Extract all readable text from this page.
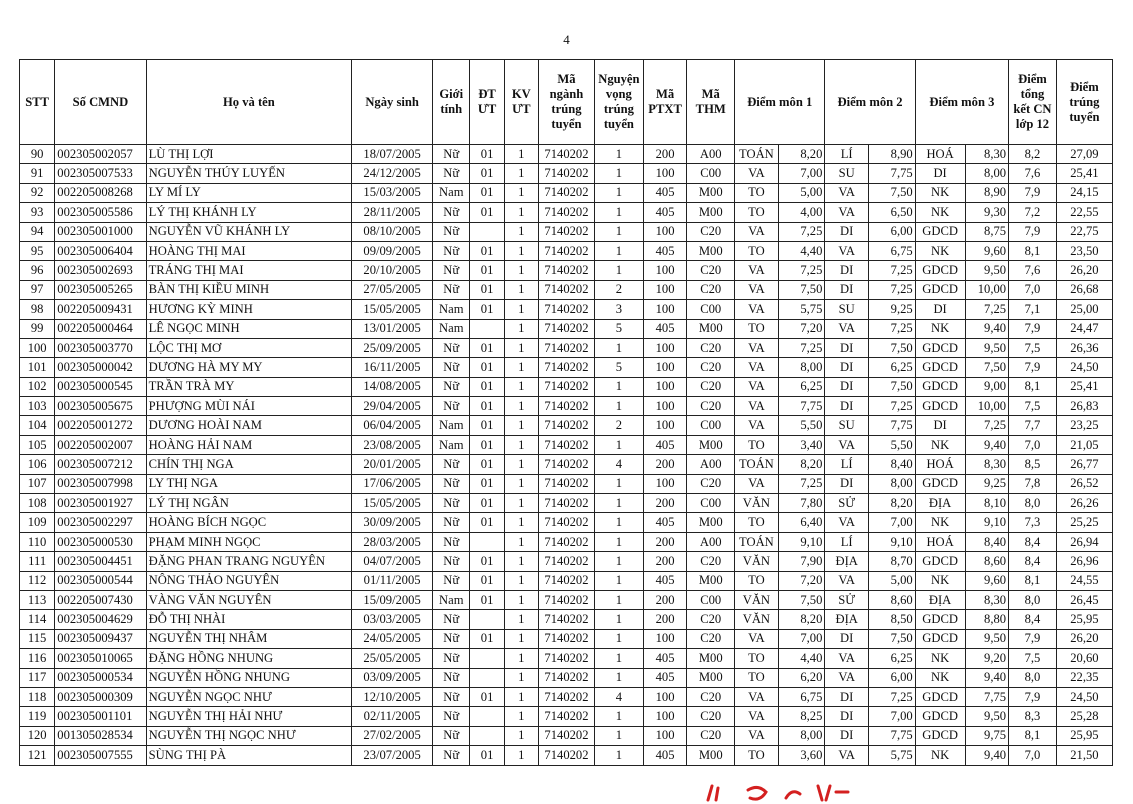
4
STT	Số CMND	Họ và tên	Ngày sinh	Giới tính	ĐT ƯT	KV ƯT	Mã ngành trúng tuyển	Nguyện vọng trúng tuyển	Mã PTXT	Mã THM	Điểm môn 1		Điểm môn 2		Điểm môn 3		Điểm tổng kết CN lớp 12	Điểm trúng tuyển
90	002305002057	LÙ THỊ LỢI	18/07/2005	Nữ	01	1	7140202	1	200	A00	TOÁN	8,20	LÍ	8,90	HOÁ	8,30	8,2	27,09
91	002305007533	NGUYỄN THÚY LUYẾN	24/12/2005	Nữ	01	1	7140202	1	100	C00	VA	7,00	SU	7,75	DI	8,00	7,6	25,41
92	002205008268	LY MÍ LY	15/03/2005	Nam	01	1	7140202	1	405	M00	TO	5,00	VA	7,50	NK	8,90	7,9	24,15
93	002305005586	LÝ THỊ KHÁNH LY	28/11/2005	Nữ	01	1	7140202	1	405	M00	TO	4,00	VA	6,50	NK	9,30	7,2	22,55
94	002305001000	NGUYỄN VŨ KHÁNH LY	08/10/2005	Nữ		1	7140202	1	100	C20	VA	7,25	DI	6,00	GDCD	8,75	7,9	22,75
95	002305006404	HOÀNG THỊ MAI	09/09/2005	Nữ	01	1	7140202	1	405	M00	TO	4,40	VA	6,75	NK	9,60	8,1	23,50
96	002305002693	TRÁNG THỊ MAI	20/10/2005	Nữ	01	1	7140202	1	100	C20	VA	7,25	DI	7,25	GDCD	9,50	7,6	26,20
97	002305005265	BÀN THỊ KIỀU MINH	27/05/2005	Nữ	01	1	7140202	2	100	C20	VA	7,50	DI	7,25	GDCD	10,00	7,0	26,68
98	002205009431	HƯƠNG KỲ MINH	15/05/2005	Nam	01	1	7140202	3	100	C00	VA	5,75	SU	9,25	DI	7,25	7,1	25,00
99	002205000464	LÊ NGỌC MINH	13/01/2005	Nam		1	7140202	5	405	M00	TO	7,20	VA	7,25	NK	9,40	7,9	24,47
100	002305003770	LỘC THỊ MƠ	25/09/2005	Nữ	01	1	7140202	1	100	C20	VA	7,25	DI	7,50	GDCD	9,50	7,5	26,36
101	002305000042	DƯƠNG HÀ MY MY	16/11/2005	Nữ	01	1	7140202	5	100	C20	VA	8,00	DI	6,25	GDCD	7,50	7,9	24,50
102	002305000545	TRẦN TRÀ MY	14/08/2005	Nữ	01	1	7140202	1	100	C20	VA	6,25	DI	7,50	GDCD	9,00	8,1	25,41
103	002305005675	PHƯỢNG MÙI NÁI	29/04/2005	Nữ	01	1	7140202	1	100	C20	VA	7,75	DI	7,25	GDCD	10,00	7,5	26,83
104	002205001272	DƯƠNG HOÀI NAM	06/04/2005	Nam	01	1	7140202	2	100	C00	VA	5,50	SU	7,75	DI	7,25	7,7	23,25
105	002205002007	HOÀNG HẢI NAM	23/08/2005	Nam	01	1	7140202	1	405	M00	TO	3,40	VA	5,50	NK	9,40	7,0	21,05
106	002305007212	CHÍN THỊ NGA	20/01/2005	Nữ	01	1	7140202	4	200	A00	TOÁN	8,20	LÍ	8,40	HOÁ	8,30	8,5	26,77
107	002305007998	LY THỊ NGA	17/06/2005	Nữ	01	1	7140202	1	100	C20	VA	7,25	DI	8,00	GDCD	9,25	7,8	26,52
108	002305001927	LÝ THỊ NGÂN	15/05/2005	Nữ	01	1	7140202	1	200	C00	VĂN	7,80	SỬ	8,20	ĐỊA	8,10	8,0	26,26
109	002305002297	HOÀNG BÍCH NGỌC	30/09/2005	Nữ	01	1	7140202	1	405	M00	TO	6,40	VA	7,00	NK	9,10	7,3	25,25
110	002305000530	PHẠM MINH NGỌC	28/03/2005	Nữ		1	7140202	1	200	A00	TOÁN	9,10	LÍ	9,10	HOÁ	8,40	8,4	26,94
111	002305004451	ĐẶNG PHAN TRANG NGUYÊN	04/07/2005	Nữ	01	1	7140202	1	200	C20	VĂN	7,90	ĐỊA	8,70	GDCD	8,60	8,4	26,96
112	002305000544	NÔNG THẢO NGUYÊN	01/11/2005	Nữ	01	1	7140202	1	405	M00	TO	7,20	VA	5,00	NK	9,60	8,1	24,55
113	002205007430	VÀNG VĂN NGUYÊN	15/09/2005	Nam	01	1	7140202	1	200	C00	VĂN	7,50	SỬ	8,60	ĐỊA	8,30	8,0	26,45
114	002305004629	ĐỖ THỊ NHÀI	03/03/2005	Nữ		1	7140202	1	200	C20	VĂN	8,20	ĐỊA	8,50	GDCD	8,80	8,4	25,95
115	002305009437	NGUYỄN THỊ NHÂM	24/05/2005	Nữ	01	1	7140202	1	100	C20	VA	7,00	DI	7,50	GDCD	9,50	7,9	26,20
116	002305010065	ĐẶNG HỒNG NHUNG	25/05/2005	Nữ		1	7140202	1	405	M00	TO	4,40	VA	6,25	NK	9,20	7,5	20,60
117	002305000534	NGUYỄN HỒNG NHUNG	03/09/2005	Nữ		1	7140202	1	405	M00	TO	6,20	VA	6,00	NK	9,40	8,0	22,35
118	002305000309	NGUYỄN NGỌC NHƯ	12/10/2005	Nữ	01	1	7140202	4	100	C20	VA	6,75	DI	7,25	GDCD	7,75	7,9	24,50
119	002305001101	NGUYỄN THỊ HẢI NHƯ	02/11/2005	Nữ		1	7140202	1	100	C20	VA	8,25	DI	7,00	GDCD	9,50	8,3	25,28
120	001305028534	NGUYỄN THỊ NGỌC NHƯ	27/02/2005	Nữ		1	7140202	1	100	C20	VA	8,00	DI	7,75	GDCD	9,75	8,1	25,95
121	002305007555	SÙNG THỊ PÀ	23/07/2005	Nữ	01	1	7140202	1	405	M00	TO	3,60	VA	5,75	NK	9,40	7,0	21,50
